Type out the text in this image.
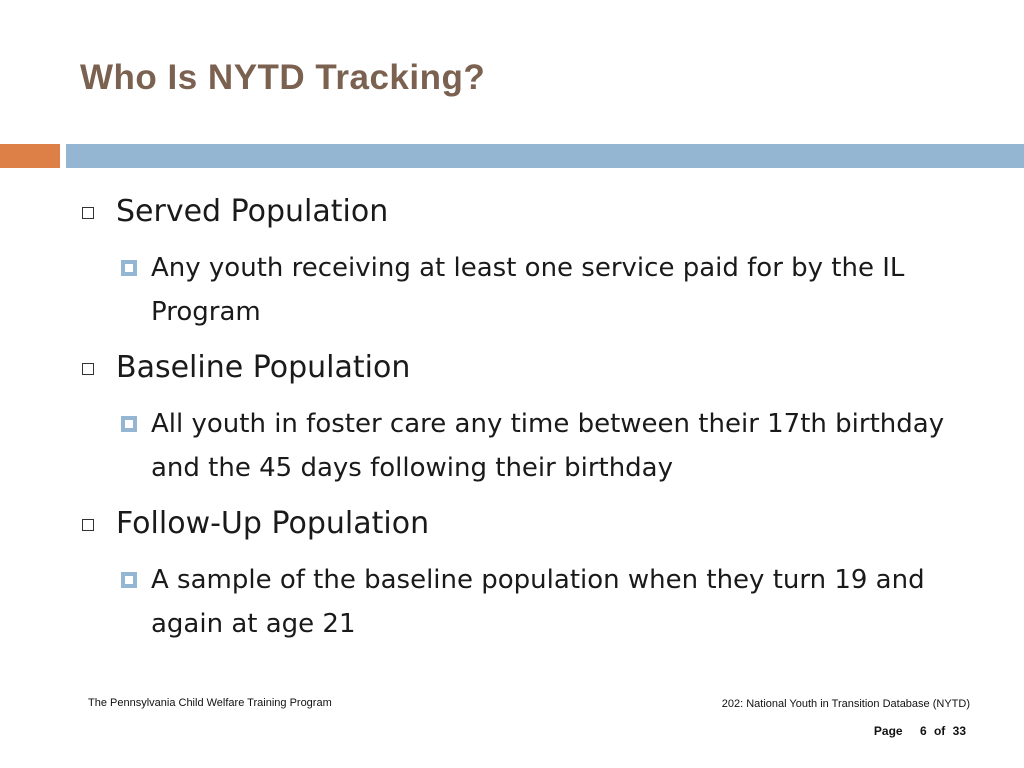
Who Is NYTD Tracking?
Served Population
Any youth receiving at least one service paid for by the IL Program
Baseline Population
All youth in foster care any time between their 17th birthday and the 45 days following their birthday
Follow-Up Population
A sample of the baseline population when they turn 19 and again at age 21
The Pennsylvania Child Welfare Training Program	202: National Youth in Transition Database (NYTD)
Page 6 of 33
